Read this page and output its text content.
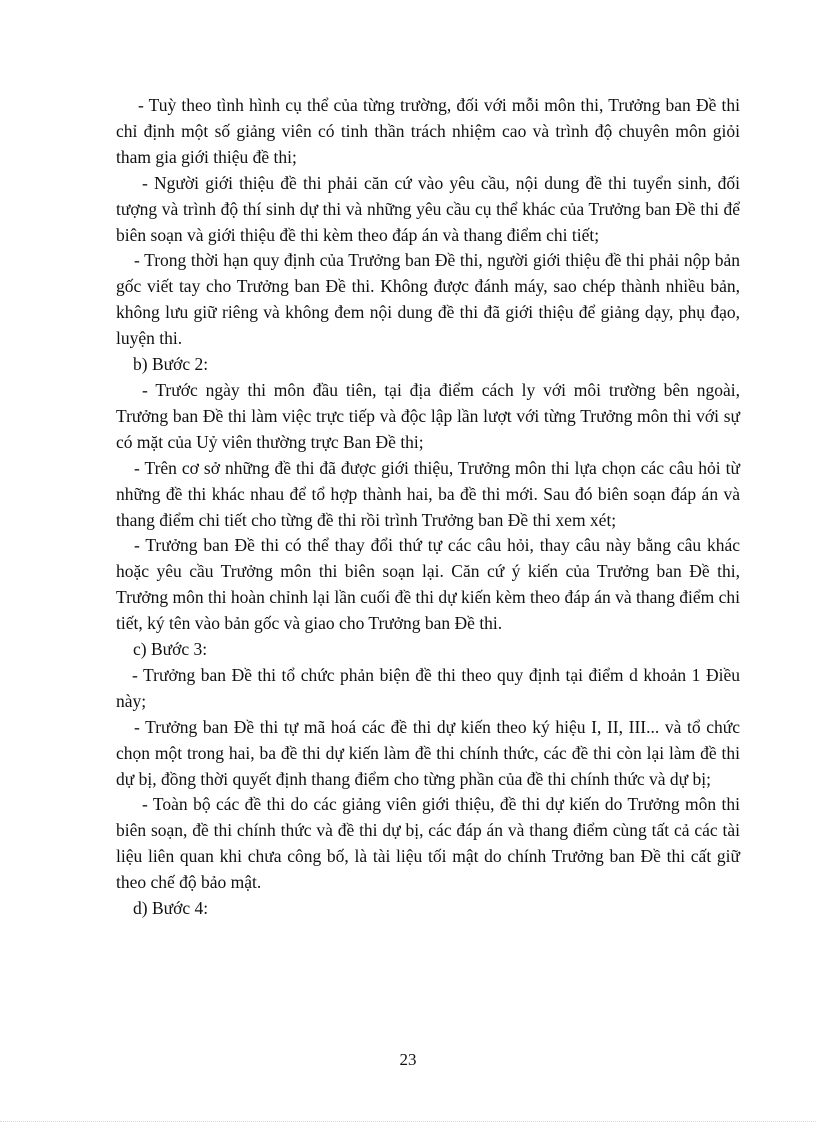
- Tuỳ theo tình hình cụ thể của từng trường, đối với mỗi môn thi, Trưởng ban Đề thi chỉ định một số giảng viên có tinh thần trách nhiệm cao và trình độ chuyên môn giỏi tham gia giới thiệu đề thi;

- Người giới thiệu đề thi phải căn cứ vào yêu cầu, nội dung đề thi tuyển sinh, đối tượng và trình độ thí sinh dự thi và những yêu cầu cụ thể khác của Trưởng ban Đề thi để biên soạn và giới thiệu đề thi kèm theo đáp án và thang điểm chi tiết;

- Trong thời hạn quy định của Trưởng ban Đề thi, người giới thiệu đề thi phải nộp bản gốc viết tay cho Trưởng ban Đề thi. Không được đánh máy, sao chép thành nhiều bản, không lưu giữ riêng và không đem nội dung đề thi đã giới thiệu để giảng dạy, phụ đạo, luyện thi.

b) Bước 2:

- Trước ngày thi môn đầu tiên, tại địa điểm cách ly với môi trường bên ngoài, Trưởng ban Đề thi làm việc trực tiếp và độc lập lần lượt với từng Trưởng môn thi với sự có mặt của Uỷ viên thường trực Ban Đề thi;

- Trên cơ sở những đề thi đã được giới thiệu, Trưởng môn thi lựa chọn các câu hỏi từ những đề thi khác nhau để tổ hợp thành hai, ba đề thi mới. Sau đó biên soạn đáp án và thang điểm chi tiết cho từng đề thi rồi trình Trưởng ban Đề thi xem xét;

- Trưởng ban Đề thi có thể thay đổi thứ tự các câu hỏi, thay câu này bằng câu khác hoặc yêu cầu Trưởng môn thi biên soạn lại. Căn cứ ý kiến của Trưởng ban Đề thi, Trưởng môn thi hoàn chỉnh lại lần cuối đề thi dự kiến kèm theo đáp án và thang điểm chi tiết, ký tên vào bản gốc và giao cho Trưởng ban Đề thi.

c) Bước 3:

- Trưởng ban Đề thi tổ chức phản biện đề thi theo quy định tại điểm d khoản 1 Điều này;

- Trưởng ban Đề thi tự mã hoá các đề thi dự kiến theo ký hiệu I, II, III... và tổ chức chọn một trong hai, ba đề thi dự kiến làm đề thi chính thức, các đề thi còn lại làm đề thi dự bị, đồng thời quyết định thang điểm cho từng phần của đề thi chính thức và dự bị;

- Toàn bộ các đề thi do các giảng viên giới thiệu, đề thi dự kiến do Trưởng môn thi biên soạn, đề thi chính thức và đề thi dự bị, các đáp án và thang điểm cùng tất cả các tài liệu liên quan khi chưa công bố, là tài liệu tối mật do chính Trưởng ban Đề thi cất giữ theo chế độ bảo mật.

d) Bước 4:

23
